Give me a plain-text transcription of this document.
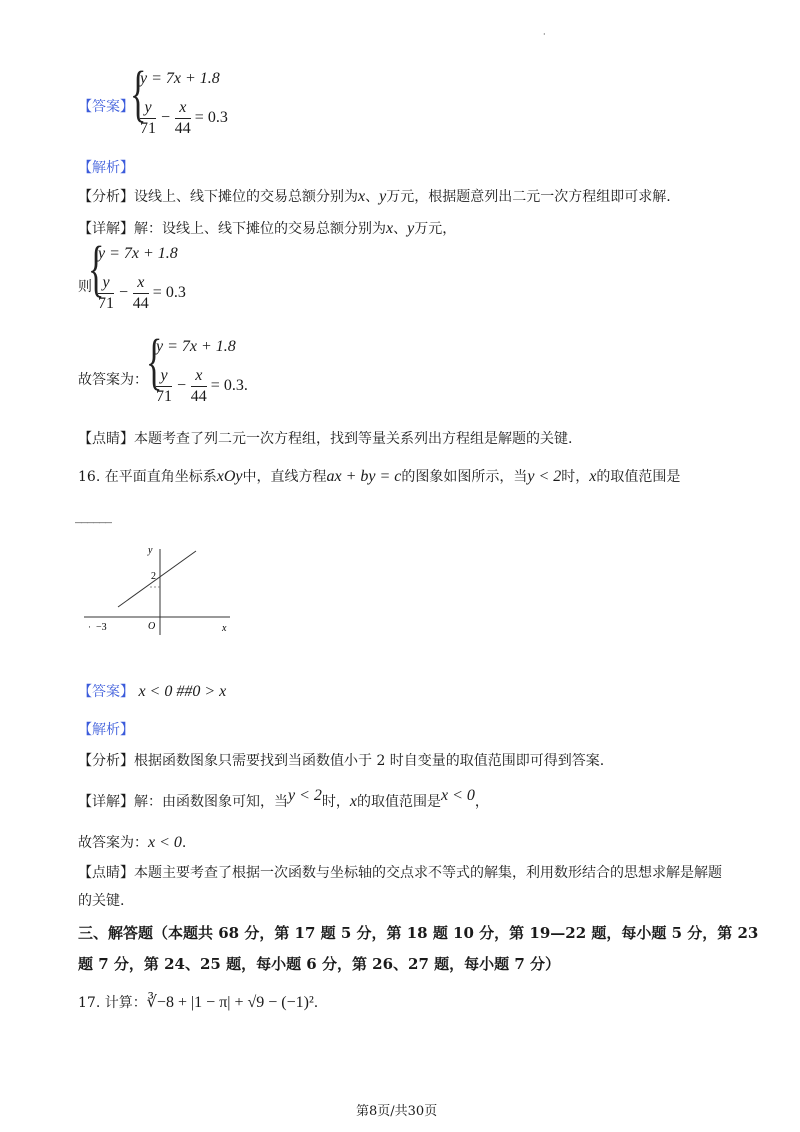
·
【答案】
{
y = 7x + 1.8
$\frac{y}{71} - \frac{x}{44} = 0.3$
【解析】
【分析】设线上、线下摊位的交易总额分别为x、y万元，根据题意列出二元一次方程组即可求解.
【详解】解：设线上、线下摊位的交易总额分别为x、y万元，
则
{
y = 7x + 1.8
$\frac{y}{71} - \frac{x}{44} = 0.3$
故答案为：
{
y = 7x + 1.8
$\frac{y}{71} - \frac{x}{44} = 0.3$.
【点睛】本题考查了列二元一次方程组，找到等量关系列出方程组是解题的关键.
16. 在平面直角坐标系xOy中，直线方程ax + by = c的图象如图所示，当y < 2时，x的取值范围是
______
y
x
O
2
−3
·
【答案】 x < 0 ##0 > x
【解析】
【分析】根据函数图象只需要找到当函数值小于 2 时自变量的取值范围即可得到答案.
【详解】解：由函数图象可知，当y < 2时，x的取值范围是x < 0，
故答案为：x < 0.
【点睛】本题主要考查了根据一次函数与坐标轴的交点求不等式的解集，利用数形结合的思想求解是解题
的关键.
三、解答题（本题共 68 分，第 17 题 5 分，第 18 题 10 分，第 19—22 题，每小题 5 分，第 23
题 7 分，第 24、25 题，每小题 6 分，第 26、27 题，每小题 7 分）
17. 计算：∛−8 + |1 − π| + √9 − (−1)².
第8页/共30页
